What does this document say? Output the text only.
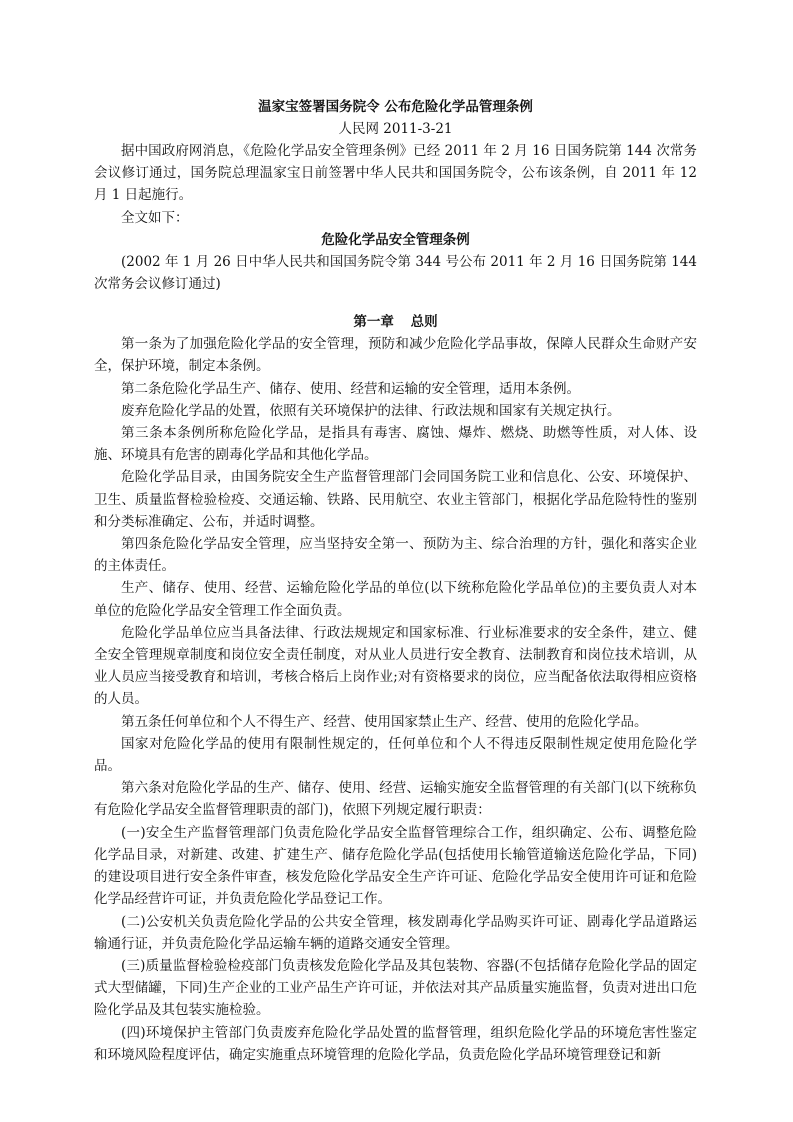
温家宝签署国务院令 公布危险化学品管理条例
人民网 2011-3-21

据中国政府网消息，《危险化学品安全管理条例》已经 2011 年 2 月 16 日国务院第 144 次常务会议修订通过，国务院总理温家宝日前签署中华人民共和国国务院令，公布该条例，自 2011 年 12 月 1 日起施行。

全文如下：

危险化学品安全管理条例

(2002 年 1 月 26 日中华人民共和国国务院令第 344 号公布 2011 年 2 月 16 日国务院第 144 次常务会议修订通过)

第一章 总则

第一条为了加强危险化学品的安全管理，预防和减少危险化学品事故，保障人民群众生命财产安全，保护环境，制定本条例。

第二条危险化学品生产、储存、使用、经营和运输的安全管理，适用本条例。

废弃危险化学品的处置，依照有关环境保护的法律、行政法规和国家有关规定执行。

第三条本条例所称危险化学品，是指具有毒害、腐蚀、爆炸、燃烧、助燃等性质，对人体、设施、环境具有危害的剧毒化学品和其他化学品。

危险化学品目录，由国务院安全生产监督管理部门会同国务院工业和信息化、公安、环境保护、卫生、质量监督检验检疫、交通运输、铁路、民用航空、农业主管部门，根据化学品危险特性的鉴别和分类标准确定、公布，并适时调整。

第四条危险化学品安全管理，应当坚持安全第一、预防为主、综合治理的方针，强化和落实企业的主体责任。

生产、储存、使用、经营、运输危险化学品的单位(以下统称危险化学品单位)的主要负责人对本单位的危险化学品安全管理工作全面负责。

危险化学品单位应当具备法律、行政法规规定和国家标准、行业标准要求的安全条件，建立、健全安全管理规章制度和岗位安全责任制度，对从业人员进行安全教育、法制教育和岗位技术培训，从业人员应当接受教育和培训，考核合格后上岗作业;对有资格要求的岗位，应当配备依法取得相应资格的人员。

第五条任何单位和个人不得生产、经营、使用国家禁止生产、经营、使用的危险化学品。

国家对危险化学品的使用有限制性规定的，任何单位和个人不得违反限制性规定使用危险化学品。

第六条对危险化学品的生产、储存、使用、经营、运输实施安全监督管理的有关部门(以下统称负有危险化学品安全监督管理职责的部门)，依照下列规定履行职责：

(一)安全生产监督管理部门负责危险化学品安全监督管理综合工作，组织确定、公布、调整危险化学品目录，对新建、改建、扩建生产、储存危险化学品(包括使用长输管道输送危险化学品，下同)的建设项目进行安全条件审查，核发危险化学品安全生产许可证、危险化学品安全使用许可证和危险化学品经营许可证，并负责危险化学品登记工作。

(二)公安机关负责危险化学品的公共安全管理，核发剧毒化学品购买许可证、剧毒化学品道路运输通行证，并负责危险化学品运输车辆的道路交通安全管理。

(三)质量监督检验检疫部门负责核发危险化学品及其包装物、容器(不包括储存危险化学品的固定式大型储罐，下同)生产企业的工业产品生产许可证，并依法对其产品质量实施监督，负责对进出口危险化学品及其包装实施检验。

(四)环境保护主管部门负责废弃危险化学品处置的监督管理，组织危险化学品的环境危害性鉴定和环境风险程度评估，确定实施重点环境管理的危险化学品，负责危险化学品环境管理登记和新
